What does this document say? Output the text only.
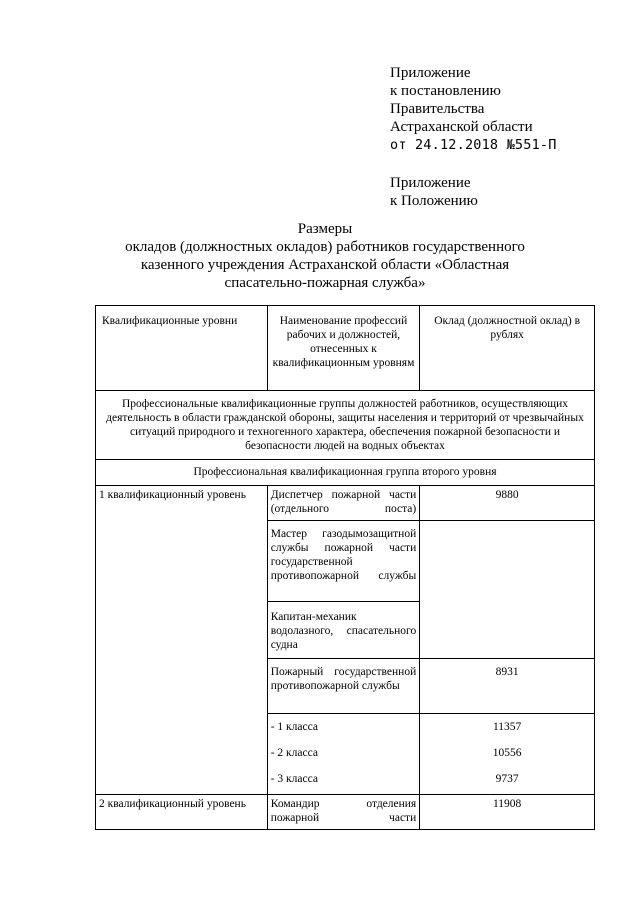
Приложение
к постановлению
Правительства
Астраханской области
от 24.12.2018 №551-П
Приложение
к Положению
Размеры
окладов (должностных окладов) работников государственного
казенного учреждения Астраханской области «Областная
спасательно-пожарная служба»
Квалификационные уровни	Наименование профессий рабочих и должностей, отнесенных к квалификационным уровням	Оклад (должностной оклад) в рублях
Профессиональные квалификационные группы должностей работников, осуществляющих деятельность в области гражданской обороны, защиты населения и территорий от чрезвычайных ситуаций природного и техногенного характера, обеспечения пожарной безопасности и безопасности людей на водных объектах		
Профессиональная квалификационная группа второго уровня		
1 квалификационный уровень	Диспетчер пожарной части (отдельного поста)	9880
	Мастер газодымозащитной службы пожарной части государственной противопожарной службы	
	Капитан-механик водолазного, спасательного судна	
	Пожарный государственной противопожарной службы	8931
	- 1 класса	11357
	- 2 класса	10556
	- 3 класса	9737
2 квалификационный уровень	Командир отделения пожарной части	11908
